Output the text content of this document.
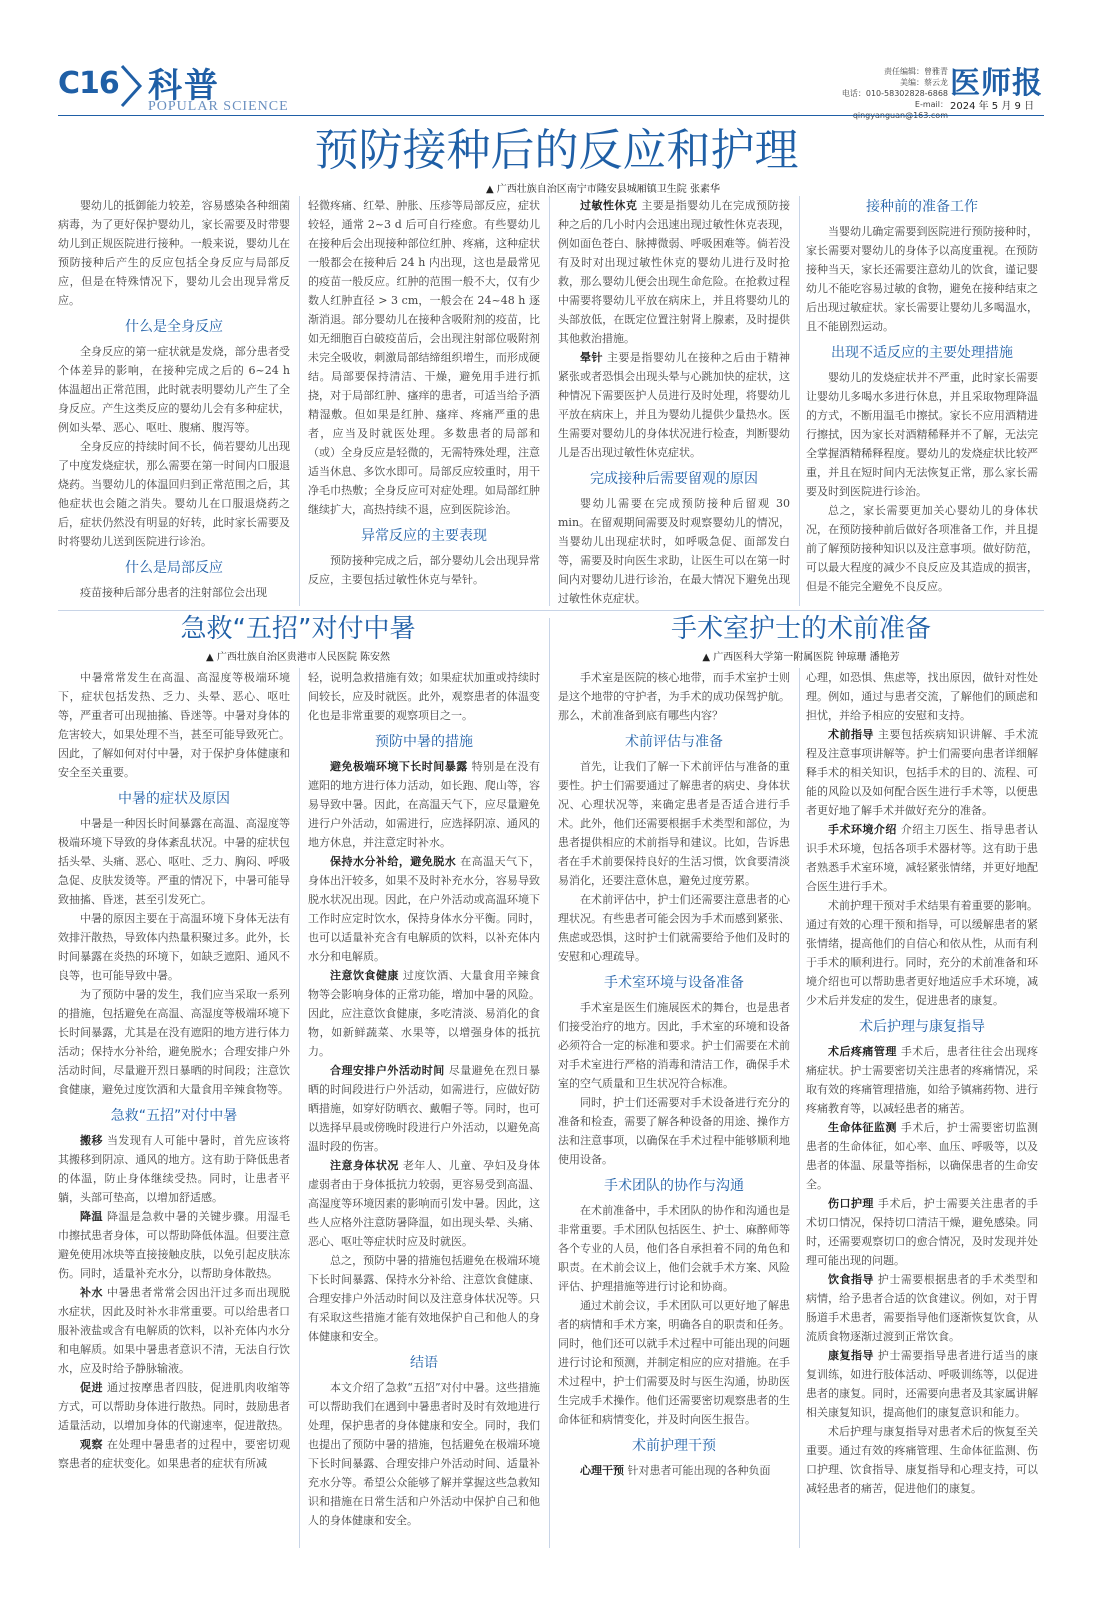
C16 科普
POPULAR SCIENCE
责任编辑：曾雅青
美编：蔡云龙
电话：010-58302828-6868
E-mail：
医师报
2024 年 5 月 9 日
预防接种后的反应和护理
▲ 广西壮族自治区南宁市隆安县城厢镇卫生院 张素华

婴幼儿的抵御能力较差，容易感染各种细菌病毒，为了更好保护婴幼儿，家长需要及时带婴幼儿到正规医院进行接种。一般来说，婴幼儿在预防接种后产生的反应包括全身反应与局部反应，但是在特殊情况下，婴幼儿会出现异常反应。

什么是全身反应

全身反应的第一症状就是发烧，部分患者受个体差异的影响，在接种完成之后的 6~24 h 体温超出正常范围，此时就表明婴幼儿产生了全身反应。产生这类反应的婴幼儿会有多种症状，例如头晕、恶心、呕吐、腹痛、腹泻等。

全身反应的持续时间不长，倘若婴幼儿出现了中度发烧症状，那么需要在第一时间内口服退烧药。当婴幼儿的体温回归到正常范围之后，其他症状也会随之消失。婴幼儿在口服退烧药之后，症状仍然没有明显的好转，此时家长需要及时将婴幼儿送到医院进行诊治。

什么是局部反应

疫苗接种后部分患者的注射部位会出现

轻微疼痛、红晕、肿胀、压疹等局部反应，症状较轻，通常 2~3 d 后可自行痊愈。有些婴幼儿在接种后会出现接种部位红肿、疼痛，这种症状一般都会在接种后 24 h 内出现，这也是最常见的疫苗一般反应。红肿的范围一般不大，仅有少数人红肿直径 > 3 cm，一般会在 24~48 h 逐渐消退。部分婴幼儿在接种含吸附剂的疫苗，比如无细胞百白破疫苗后，会出现注射部位吸附剂未完全吸收，刺激局部结缔组织增生，而形成硬结。局部要保持清洁、干燥，避免用手进行抓挠，对于局部红肿、瘙痒的患者，可适当给予酒精湿敷。但如果是红肿、瘙痒、疼痛严重的患者，应当及时就医处理。多数患者的局部和（或）全身反应是轻微的，无需特殊处理，注意适当休息、多饮水即可。局部反应较重时，用干净毛巾热敷；全身反应可对症处理。如局部红肿继续扩大，高热持续不退，应到医院诊治。

异常反应的主要表现

预防接种完成之后，部分婴幼儿会出现异常反应，主要包括过敏性休克与晕针。

过敏性休克 主要是指婴幼儿在完成预防接种之后的几小时内会迅速出现过敏性休克表现，例如面色苍白、脉搏微弱、呼吸困难等。倘若没有及时对出现过敏性休克的婴幼儿进行及时抢救，那么婴幼儿便会出现生命危险。在抢救过程中需要将婴幼儿平放在病床上，并且将婴幼儿的头部放低，在既定位置注射肾上腺素，及时提供其他救治措施。

晕针 主要是指婴幼儿在接种之后由于精神紧张或者恐惧会出现头晕与心跳加快的症状，这种情况下需要医护人员进行及时处理，将婴幼儿平放在病床上，并且为婴幼儿提供少量热水。医生需要对婴幼儿的身体状况进行检查，判断婴幼儿是否出现过敏性休克症状。

完成接种后需要留观的原因

婴幼儿需要在完成预防接种后留观 30 min。在留观期间需要及时观察婴幼儿的情况，当婴幼儿出现症状时，如呼吸急促、面部发白等，需要及时向医生求助，让医生可以在第一时间内对婴幼儿进行诊治，在最大情况下避免出现过敏性休克症状。

接种前的准备工作

当婴幼儿确定需要到医院进行预防接种时，家长需要对婴幼儿的身体予以高度重视。在预防接种当天，家长还需要注意幼儿的饮食，谨记婴幼儿不能吃容易过敏的食物，避免在接种结束之后出现过敏症状。家长需要让婴幼儿多喝温水，且不能剧烈运动。

出现不适反应的主要处理措施

婴幼儿的发烧症状并不严重，此时家长需要让婴幼儿多喝水多进行休息，并且采取物理降温的方式，不断用温毛巾擦拭。家长不应用酒精进行擦拭，因为家长对酒精稀释并不了解，无法完全掌握酒精稀释程度。婴幼儿的发烧症状比较严重，并且在短时间内无法恢复正常，那么家长需要及时到医院进行诊治。

总之，家长需要更加关心婴幼儿的身体状况，在预防接种前后做好各项准备工作，并且提前了解预防接种知识以及注意事项。做好防范，可以最大程度的减少不良反应及其造成的损害，但是不能完全避免不良反应。

急救“五招”对付中暑
▲ 广西壮族自治区贵港市人民医院 陈安然

中暑常常发生在高温、高湿度等极端环境下，症状包括发热、乏力、头晕、恶心、呕吐等，严重者可出现抽搐、昏迷等。中暑对身体的危害较大，如果处理不当，甚至可能导致死亡。因此，了解如何对付中暑，对于保护身体健康和安全至关重要。

中暑的症状及原因

中暑是一种因长时间暴露在高温、高湿度等极端环境下导致的身体紊乱状况。中暑的症状包括头晕、头痛、恶心、呕吐、乏力、胸闷、呼吸急促、皮肤发烫等。严重的情况下，中暑可能导致抽搐、昏迷，甚至引发死亡。

中暑的原因主要在于高温环境下身体无法有效排汗散热，导致体内热量积聚过多。此外，长时间暴露在炎热的环境下，如缺乏遮阳、通风不良等，也可能导致中暑。

为了预防中暑的发生，我们应当采取一系列的措施，包括避免在高温、高湿度等极端环境下长时间暴露，尤其是在没有遮阳的地方进行体力活动；保持水分补给，避免脱水；合理安排户外活动时间，尽量避开烈日暴晒的时间段；注意饮食健康，避免过度饮酒和大量食用辛辣食物等。

急救“五招”对付中暑

搬移 当发现有人可能中暑时，首先应该将其搬移到阴凉、通风的地方。这有助于降低患者的体温，防止身体继续受热。同时，让患者平躺，头部可垫高，以增加舒适感。

降温 降温是急救中暑的关键步骤。用湿毛巾擦拭患者身体，可以帮助降低体温。但要注意避免使用冰块等直接接触皮肤，以免引起皮肤冻伤。同时，适量补充水分，以帮助身体散热。

补水 中暑患者常常会因出汗过多而出现脱水症状，因此及时补水非常重要。可以给患者口服补液盐或含有电解质的饮料，以补充体内水分和电解质。如果中暑患者意识不清，无法自行饮水，应及时给予静脉输液。

促进 通过按摩患者四肢，促进肌肉收缩等方式，可以帮助身体进行散热。同时，鼓励患者适量活动，以增加身体的代谢速率，促进散热。

观察 在处理中暑患者的过程中，要密切观察患者的症状变化。如果患者的症状有所减

轻，说明急救措施有效；如果症状加重或持续时间较长，应及时就医。此外，观察患者的体温变化也是非常重要的观察项目之一。

预防中暑的措施

避免极端环境下长时间暴露 特别是在没有遮阳的地方进行体力活动，如长跑、爬山等，容易导致中暑。因此，在高温天气下，应尽量避免进行户外活动，如需进行，应选择阴凉、通风的地方休息，并注意定时补水。

保持水分补给，避免脱水 在高温天气下，身体出汗较多，如果不及时补充水分，容易导致脱水状况出现。因此，在户外活动或高温环境下工作时应定时饮水，保持身体水分平衡。同时，也可以适量补充含有电解质的饮料，以补充体内水分和电解质。

注意饮食健康 过度饮酒、大量食用辛辣食物等会影响身体的正常功能，增加中暑的风险。因此，应注意饮食健康，多吃清淡、易消化的食物，如新鲜蔬菜、水果等，以增强身体的抵抗力。

合理安排户外活动时间 尽量避免在烈日暴晒的时间段进行户外活动，如需进行，应做好防晒措施，如穿好防晒衣、戴帽子等。同时，也可以选择早晨或傍晚时段进行户外活动，以避免高温时段的伤害。

注意身体状况 老年人、儿童、孕妇及身体虚弱者由于身体抵抗力较弱，更容易受到高温、高湿度等环境因素的影响而引发中暑。因此，这些人应格外注意防暑降温，如出现头晕、头痛、恶心、呕吐等症状时应及时就医。

总之，预防中暑的措施包括避免在极端环境下长时间暴露、保持水分补给、注意饮食健康、合理安排户外活动时间以及注意身体状况等。只有采取这些措施才能有效地保护自己和他人的身体健康和安全。

结语

本文介绍了急救“五招”对付中暑。这些措施可以帮助我们在遇到中暑患者时及时有效地进行处理，保护患者的身体健康和安全。同时，我们也提出了预防中暑的措施，包括避免在极端环境下长时间暴露、合理安排户外活动时间、适量补充水分等。希望公众能够了解并掌握这些急救知识和措施在日常生活和户外活动中保护自己和他人的身体健康和安全。

手术室护士的术前准备
▲ 广西医科大学第一附属医院 钟琼珊 潘艳芳

手术室是医院的核心地带，而手术室护士则是这个地带的守护者，为手术的成功保驾护航。那么，术前准备到底有哪些内容？

术前评估与准备

首先，让我们了解一下术前评估与准备的重要性。护士们需要通过了解患者的病史、身体状况、心理状况等，来确定患者是否适合进行手术。此外，他们还需要根据手术类型和部位，为患者提供相应的术前指导和建议。比如，告诉患者在手术前要保持良好的生活习惯，饮食要清淡易消化，还要注意休息，避免过度劳累。

在术前评估中，护士们还需要注意患者的心理状况。有些患者可能会因为手术而感到紧张、焦虑或恐惧，这时护士们就需要给予他们及时的安慰和心理疏导。

手术室环境与设备准备

手术室是医生们施展医术的舞台，也是患者们接受治疗的地方。因此，手术室的环境和设备必须符合一定的标准和要求。护士们需要在术前对手术室进行严格的消毒和清洁工作，确保手术室的空气质量和卫生状况符合标准。

同时，护士们还需要对手术设备进行充分的准备和检查，需要了解各种设备的用途、操作方法和注意事项，以确保在手术过程中能够顺利地使用设备。

手术团队的协作与沟通

在术前准备中，手术团队的协作和沟通也是非常重要。手术团队包括医生、护士、麻醉师等各个专业的人员，他们各自承担着不同的角色和职责。在术前会议上，他们会就手术方案、风险评估、护理措施等进行讨论和协商。

通过术前会议，手术团队可以更好地了解患者的病情和手术方案，明确各自的职责和任务。同时，他们还可以就手术过程中可能出现的问题进行讨论和预测，并制定相应的应对措施。在手术过程中，护士们需要及时与医生沟通，协助医生完成手术操作。他们还需要密切观察患者的生命体征和病情变化，并及时向医生报告。

术前护理干预

心理干预 针对患者可能出现的各种负面

心理，如恐惧、焦虑等，找出原因，做针对性处理。例如，通过与患者交流，了解他们的顾虑和担忧，并给予相应的安慰和支持。

术前指导 主要包括疾病知识讲解、手术流程及注意事项讲解等。护士们需要向患者详细解释手术的相关知识，包括手术的目的、流程、可能的风险以及如何配合医生进行手术等，以便患者更好地了解手术并做好充分的准备。

手术环境介绍 介绍主刀医生、指导患者认识手术环境，包括各项手术器材等。这有助于患者熟悉手术室环境，减轻紧张情绪，并更好地配合医生进行手术。

术前护理干预对手术结果有着重要的影响。通过有效的心理干预和指导，可以缓解患者的紧张情绪，提高他们的自信心和依从性，从而有利于手术的顺利进行。同时，充分的术前准备和环境介绍也可以帮助患者更好地适应手术环境，减少术后并发症的发生，促进患者的康复。

术后护理与康复指导

术后疼痛管理 手术后，患者往往会出现疼痛症状。护士需要密切关注患者的疼痛情况，采取有效的疼痛管理措施，如给予镇痛药物、进行疼痛教育等，以减轻患者的痛苦。

生命体征监测 手术后，护士需要密切监测患者的生命体征，如心率、血压、呼吸等，以及患者的体温、尿量等指标，以确保患者的生命安全。

伤口护理 手术后，护士需要关注患者的手术切口情况，保持切口清洁干燥，避免感染。同时，还需要观察切口的愈合情况，及时发现并处理可能出现的问题。

饮食指导 护士需要根据患者的手术类型和病情，给予患者合适的饮食建议。例如，对于胃肠道手术患者，需要指导他们逐渐恢复饮食，从流质食物逐渐过渡到正常饮食。

康复指导 护士需要指导患者进行适当的康复训练，如进行肢体活动、呼吸训练等，以促进患者的康复。同时，还需要向患者及其家属讲解相关康复知识，提高他们的康复意识和能力。

术后护理与康复指导对患者术后的恢复至关重要。通过有效的疼痛管理、生命体征监测、伤口护理、饮食指导、康复指导和心理支持，可以减轻患者的痛苦，促进他们的康复。
